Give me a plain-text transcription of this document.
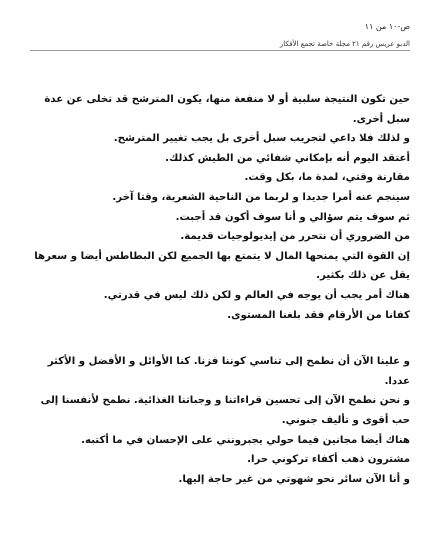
ص-١٠ من ١١
الدبو عريس رقم ٢١ مجلة خاصة تجمع الأفكار

حين تكون النتيجة سلبية أو لا منفعة منها، يكون المترشح قد تخلى عن عدة سبل أخرى.

و لذلك فلا داعي لتجريب سبل أخرى بل يجب تغيير المترشح.

أعتقد اليوم أنه بإمكاني شفائي من الطيش كذلك.

مقارنة وقتي، لمدة ما، بكل وقت.

سينجم عنه أمرا جديدا و لربما من الناحية الشعرية، وقتا آخر.

ثم سوف يتم سؤالي و أنا سوف أكون قد أجبت.

من الضروري أن نتحرر من إيديولوجيات قديمة.

إن القوة التي يمنحها المال لا يتمتع بها الجميع لكن البطاطس أيضا و سعرها يقل عن ذلك بكثير.

هناك أمر يجب أن يوجه في العالم و لكن ذلك ليس في قدرتي.

كفانا من الأرقام فقد بلغنا المستوى.

و علينا الآن أن نطمح إلى تناسي كوننا فزنا. كنا الأوائل و الأفضل و الأكثر عددا.

و نحن نطمح الآن إلى تحسين قراءاتنا و وجباتنا الغذائية. نطمح لأنفسنا إلى حب أقوى و تأليف جنوني.

هناك أيضا مجانين فيما حولي يجبرونني على الإحسان في ما أكتبه.

مشترون ذهب أكفاء تركوني حرا.

و أنا الآن سائر نحو شهوتي من غير حاجة إليها.
